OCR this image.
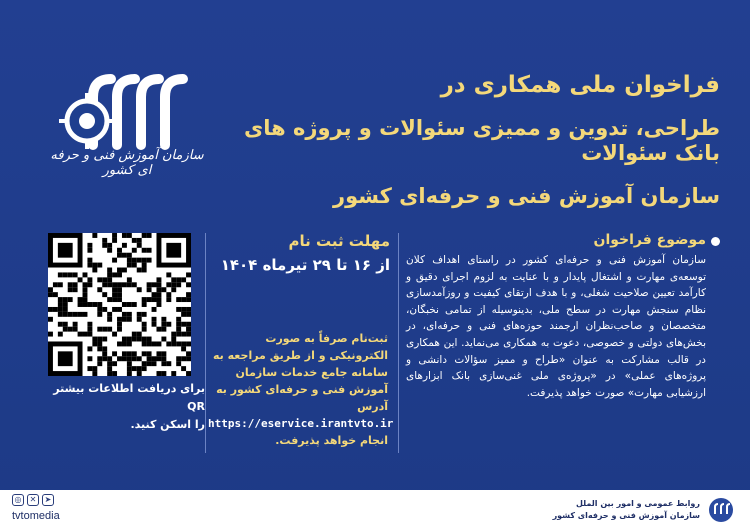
فراخوان ملی همکاری در
طراحی، تدوین و ممیزی سئوالات و پروژه های بانک سئوالات
سازمان آموزش فنی و حرفه‌ای کشور
سازمان آموزش فنی و حرفه ای کشور
برای دریافت اطلاعات بیشتر QR
را اسکن کنید.
مهلت ثبت نام
از ۱۶ تا ۲۹ تیرماه ۱۴۰۴
ثبت‌نام صرفاً به صورت الکترونیکی و از طریق مراجعه به سامانه جامع خدمات سازمان آموزش فنی و حرفه‌ای کشور به آدرس
https://eservice.irantvto.ir
انجام خواهد پذیرفت.
موضوع فراخوان
سازمان آموزش فنی و حرفه‌ای کشور در راستای اهداف کلان توسعه‌ی مهارت و اشتغال پایدار و با عنایت به لزوم اجرای دقیق و کارآمد تعیین صلاحیت شغلی، و با هدف ارتقای کیفیت و روزآمدسازی نظام سنجش مهارت در سطح ملی، بدینوسیله از تمامی نخبگان، متخصصان و صاحب‌نظران ارجمند حوزه‌های فنی و حرفه‌ای، در بخش‌های دولتی و خصوصی، دعوت به همکاری می‌نماید. این همکاری در قالب مشارکت به عنوان «طراح و ممیز سؤالات دانشی و پروژه‌های عملی» در «پروژه‌ی ملی غنی‌سازی بانک ابزارهای ارزشیابی مهارت» صورت خواهد پذیرفت.
◎	✕	➤
tvtomedia
روابط عمومی و امور بین الملل
سازمان آموزش فنی و حرفه‌ای کشور
